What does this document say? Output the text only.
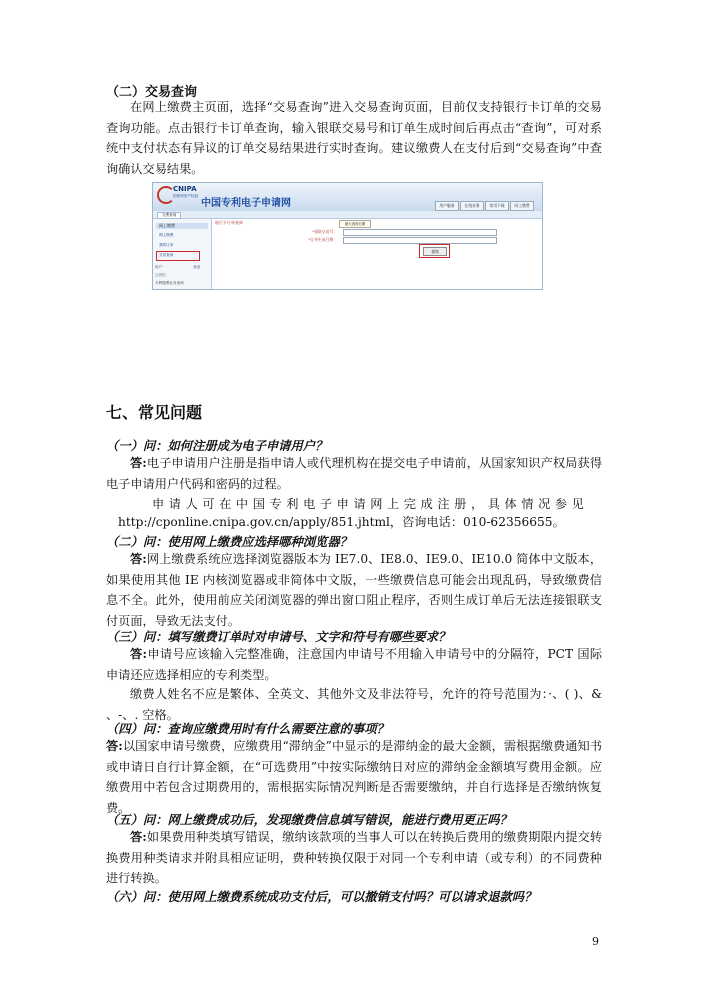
（二）交易查询
在网上缴费主页面，选择“交易查询”进入交易查询页面，目前仅支持银行卡订单的交易查询功能。点击银行卡订单查询，输入银联交易号和订单生成时间后再点击“查询”，可对系统中支付状态有异议的订单交易结果进行实时查询。建议缴费人在支付后到“交易查询”中查询确认交易结果。
CNIPA
国家知识产权局
中国专利电子申请网	用户服务	在线业务	常用下载	网上缴费
交费查询
网上缴费
网上缴费
我的订单
交易查询
用户：	登录
公告栏：
专利缴费业务查询
银行卡订单查询	最大查询日期
*银联交易号：
*订单生成日期：
查询
七、常见问题
（一）问：如何注册成为电子申请用户？
答:电子申请用户注册是指申请人或代理机构在提交电子申请前，从国家知识产权局获得电子申请用户代码和密码的过程。
申请人可在中国专利电子申请网上完成注册，具体情况参见
http://cponline.cnipa.gov.cn/apply/851.jhtml，咨询电话：010-62356655。
（二）问：使用网上缴费应选择哪种浏览器？
答:网上缴费系统应选择浏览器版本为 IE7.0、IE8.0、IE9.0、IE10.0 简体中文版本，如果使用其他 IE 内核浏览器或非简体中文版，一些缴费信息可能会出现乱码，导致缴费信息不全。此外，使用前应关闭浏览器的弹出窗口阻止程序，否则生成订单后无法连接银联支付页面，导致无法支付。
（三）问：填写缴费订单时对申请号、文字和符号有哪些要求？
答:申请号应该输入完整准确，注意国内申请号不用输入申请号中的分隔符，PCT 国际申请还应选择相应的专利类型。
缴费人姓名不应是繁体、全英文、其他外文及非法符号，允许的符号范围为：·、( )、& 、-、. 空格。
（四）问：查询应缴费用时有什么需要注意的事项？
答:以国家申请号缴费，应缴费用“滞纳金”中显示的是滞纳金的最大金额，需根据缴费通知书或申请日自行计算金额，在“可选费用”中按实际缴纳日对应的滞纳金金额填写费用金额。应缴费用中若包含过期费用的，需根据实际情况判断是否需要缴纳，并自行选择是否缴纳恢复费。
（五）问：网上缴费成功后，发现缴费信息填写错误，能进行费用更正吗？
答:如果费用种类填写错误，缴纳该款项的当事人可以在转换后费用的缴费期限内提交转换费用种类请求并附具相应证明，费种转换仅限于对同一个专利申请（或专利）的不同费种进行转换。
（六）问：使用网上缴费系统成功支付后，可以撤销支付吗？可以请求退款吗？
9
